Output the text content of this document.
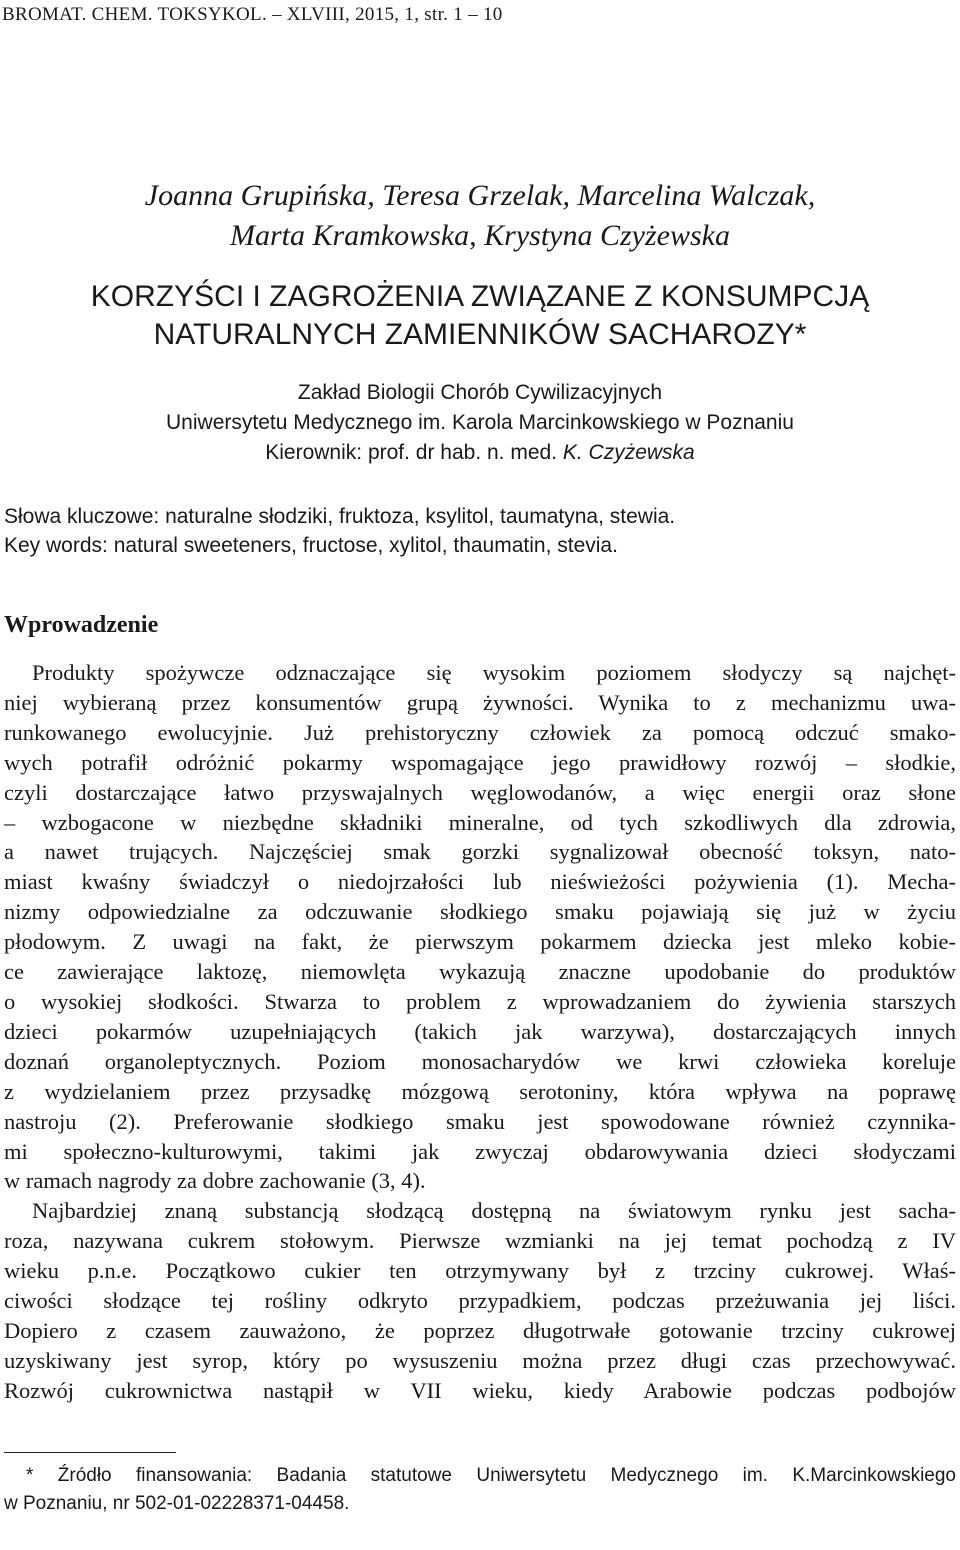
BROMAT. CHEM. TOKSYKOL. – XLVIII, 2015, 1, str. 1 – 10
Joanna Grupińska, Teresa Grzelak, Marcelina Walczak,
Marta Kramkowska, Krystyna Czyżewska
KORZYŚCI I ZAGROŻENIA ZWIĄZANE Z KONSUMPCJĄ
NATURALNYCH ZAMIENNIKÓW SACHAROZY*
Zakład Biologii Chorób Cywilizacyjnych
Uniwersytetu Medycznego im. Karola Marcinkowskiego w Poznaniu
Kierownik: prof. dr hab. n. med. K. Czyżewska
Słowa kluczowe: naturalne słodziki, fruktoza, ksylitol, taumatyna, stewia.
Key words: natural sweeteners, fructose, xylitol, thaumatin, stevia.
Wprowadzenie
Produkty spożywcze odznaczające się wysokim poziomem słodyczy są najchęt-
niej wybieraną przez konsumentów grupą żywności. Wynika to z mechanizmu uwa-
runkowanego ewolucyjnie. Już prehistoryczny człowiek za pomocą odczuć smako-
wych potrafił odróżnić pokarmy wspomagające jego prawidłowy rozwój – słodkie,
czyli dostarczające łatwo przyswajalnych węglowodanów, a więc energii oraz słone
– wzbogacone w niezbędne składniki mineralne, od tych szkodliwych dla zdrowia,
a nawet trujących. Najczęściej smak gorzki sygnalizował obecność toksyn, nato-
miast kwaśny świadczył o niedojrzałości lub nieświeżości pożywienia (1). Mecha-
nizmy odpowiedzialne za odczuwanie słodkiego smaku pojawiają się już w życiu
płodowym. Z uwagi na fakt, że pierwszym pokarmem dziecka jest mleko kobie-
ce zawierające laktozę, niemowlęta wykazują znaczne upodobanie do produktów
o wysokiej słodkości. Stwarza to problem z wprowadzaniem do żywienia starszych
dzieci pokarmów uzupełniających (takich jak warzywa), dostarczających innych
doznań organoleptycznych. Poziom monosacharydów we krwi człowieka koreluje
z wydzielaniem przez przysadkę mózgową serotoniny, która wpływa na poprawę
nastroju (2). Preferowanie słodkiego smaku jest spowodowane również czynnika-
mi społeczno-kulturowymi, takimi jak zwyczaj obdarowywania dzieci słodyczami
w ramach nagrody za dobre zachowanie (3, 4).
Najbardziej znaną substancją słodzącą dostępną na światowym rynku jest sacha-
roza, nazywana cukrem stołowym. Pierwsze wzmianki na jej temat pochodzą z IV
wieku p.n.e. Początkowo cukier ten otrzymywany był z trzciny cukrowej. Właś-
ciwości słodzące tej rośliny odkryto przypadkiem, podczas przeżuwania jej liści.
Dopiero z czasem zauważono, że poprzez długotrwałe gotowanie trzciny cukrowej
uzyskiwany jest syrop, który po wysuszeniu można przez długi czas przechowywać.
Rozwój cukrownictwa nastąpił w VII wieku, kiedy Arabowie podczas podbojów
* Źródło finansowania: Badania statutowe Uniwersytetu Medycznego im. K.Marcinkowskiego
w Poznaniu, nr 502-01-02228371-04458.
